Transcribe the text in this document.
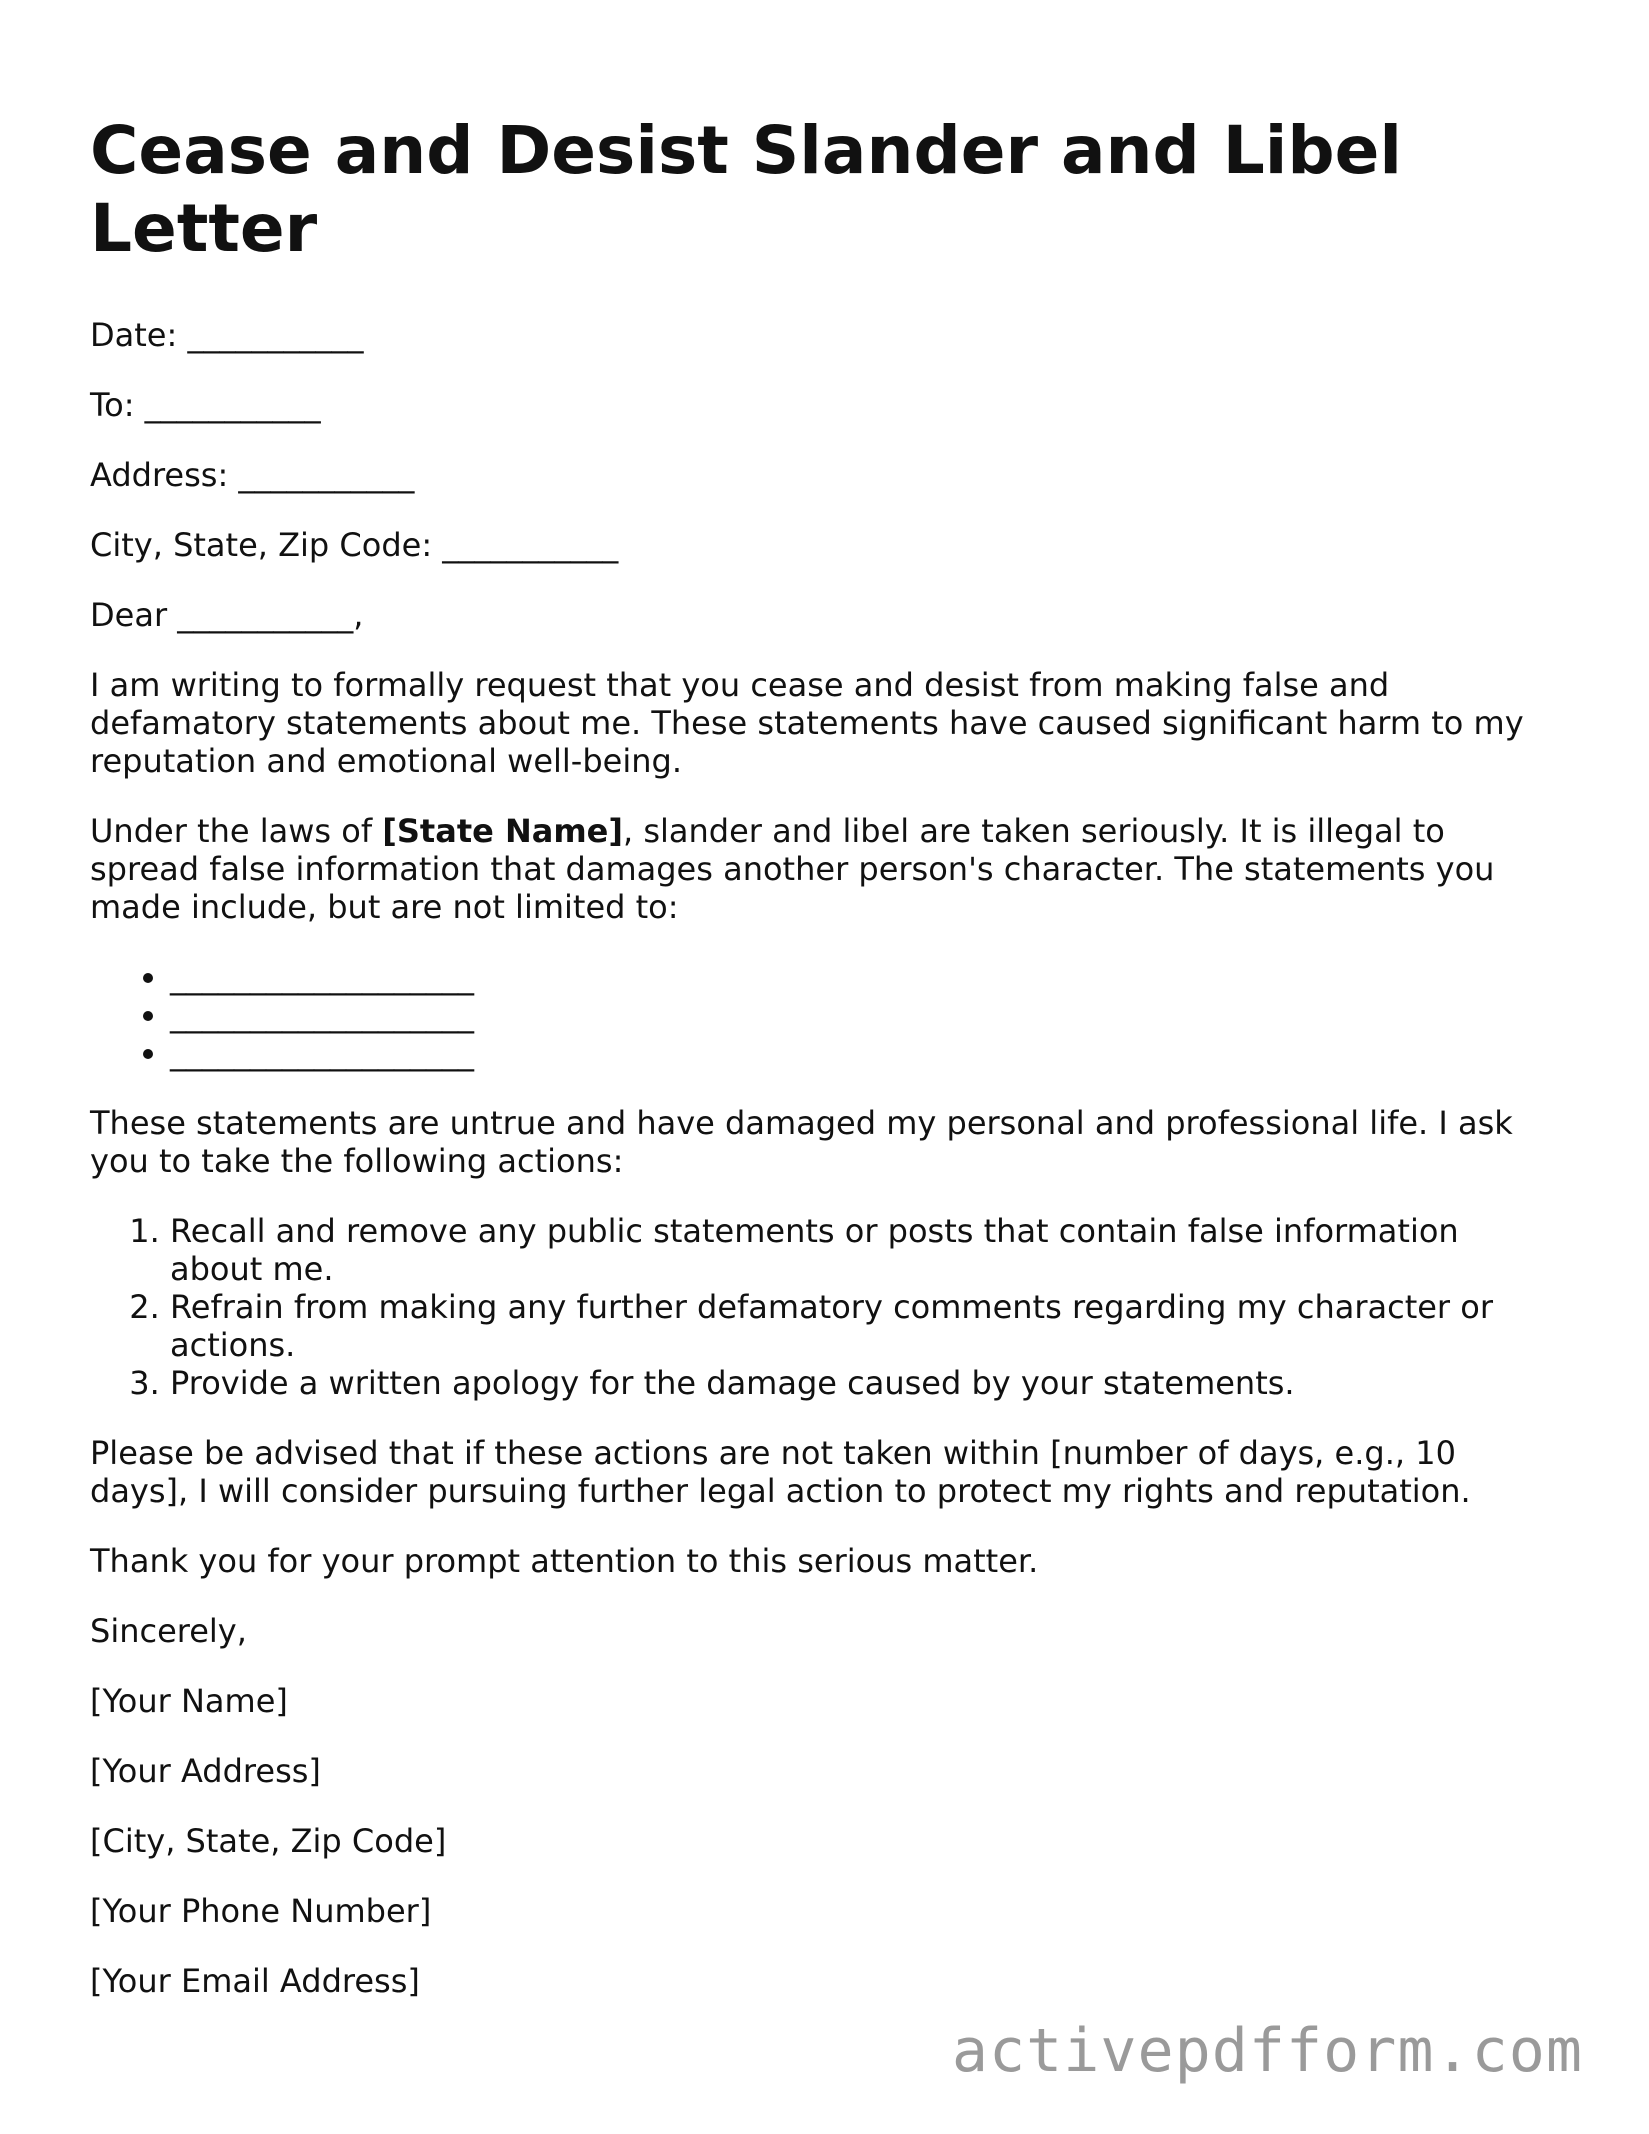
Cease and Desist Slander and Libel Letter

Date: ___________

To: ___________

Address: ___________

City, State, Zip Code: ___________

Dear ___________,

I am writing to formally request that you cease and desist from making false and defamatory statements about me. These statements have caused significant harm to my reputation and emotional well-being.

Under the laws of [State Name], slander and libel are taken seriously. It is illegal to spread false information that damages another person's character. The statements you made include, but are not limited to:

• ___________________
• ___________________
• ___________________

These statements are untrue and have damaged my personal and professional life. I ask you to take the following actions:

1. Recall and remove any public statements or posts that contain false information about me.
2. Refrain from making any further defamatory comments regarding my character or actions.
3. Provide a written apology for the damage caused by your statements.

Please be advised that if these actions are not taken within [number of days, e.g., 10 days], I will consider pursuing further legal action to protect my rights and reputation.

Thank you for your prompt attention to this serious matter.

Sincerely,

[Your Name]

[Your Address]

[City, State, Zip Code]

[Your Phone Number]

[Your Email Address]

activepdfform.com
